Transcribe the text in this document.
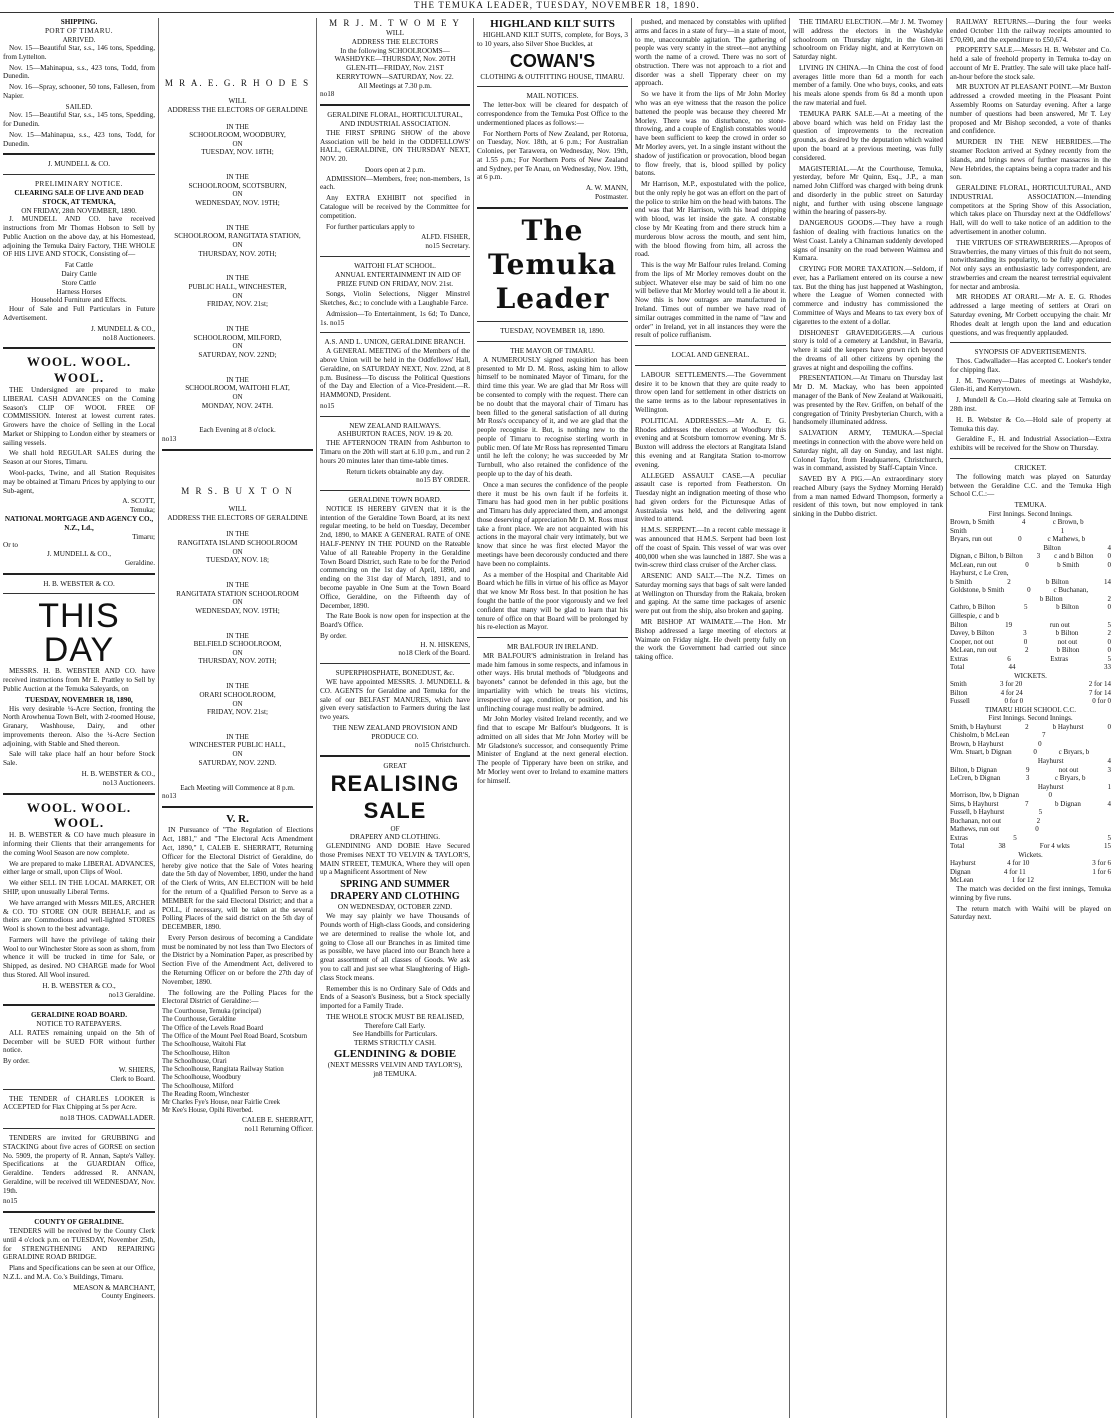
THE TEMUKA LEADER, TUESDAY, NOVEMBER 18, 1890.
SHIPPING.
PORT OF TIMARU.
ARRIVED.

Nov. 15—Beautiful Star, s.s., 146 tons, Spedding, from Lyttelton.

Nov. 15—Mahinapua, s.s., 423 tons, Todd, from Dunedin.

Nov. 16—Spray, schooner, 50 tons, Fallesen, from Napier.

SAILED.

Nov. 15—Beautiful Star, s.s., 145 tons, Spedding, for Dunedin.

Nov. 15—Mahinapua, s.s., 423 tons, Todd, for Dunedin.

J. MUNDELL & CO.
PRELIMINARY NOTICE.
CLEARING SALE OF LIVE AND DEAD STOCK, AT TEMUKA,
ON FRIDAY, 28th NOVEMBER, 1890.

J. MUNDELL AND CO. have received instructions from Mr Thomas Hobson to Sell by Public Auction on the above day, at his Homestead, adjoining the Temuka Dairy Factory, THE WHOLE OF HIS LIVE AND STOCK, Consisting of—

Fat Cattle
Dairy Cattle
Store Cattle
Harness Horses
Household Furniture and Effects.

Hour of Sale and Full Particulars in Future Advertisement.

J. MUNDELL & CO.,
no18 Auctioneers.
WOOL. WOOL. WOOL.

THE Undersigned are prepared to make LIBERAL CASH ADVANCES on the Coming Season's CLIP OF WOOL FREE OF COMMISSION. Interest at lowest current rates. Growers have the choice of Selling in the Local Market or Shipping to London either by steamers or sailing vessels.

We shall hold REGULAR SALES during the Season at our Stores, Timaru.

Wool-packs, Twine, and all Station Requisites may be obtained at Timaru Prices by applying to our Sub-agent,

A. SCOTT,
Temuka;
NATIONAL MORTGAGE AND AGENCY CO., N.Z., Ld.,
Timaru;
Or to
J. MUNDELL & CO.,
Geraldine.
H. B. WEBSTER & CO.
THIS DAY

MESSRS. H. B. WEBSTER AND CO. have received instructions from Mr E. Prattley to Sell by Public Auction at the Temuka Saleyards, on

TUESDAY, NOVEMBER 18, 1890,

His very desirable ¼-Acre Section, fronting the North Arowhenua Town Belt, with 2-roomed House, Granary, Washhouse, Dairy, and other improvements thereon. Also the ¼-Acre Section adjoining, with Stable and Shed thereon.

Sale will take place half an hour before Stock Sale.

H. B. WEBSTER & CO.,
no13 Auctioneers.
WOOL. WOOL. WOOL.

H. B. WEBSTER & CO have much pleasure in informing their Clients that their arrangements for the coming Wool Season are now complete.

We are prepared to make LIBERAL ADVANCES, either large or small, upon Clips of Wool.

We either SELL IN THE LOCAL MARKET, OR SHIP, upon unusually Liberal Terms.

We have arranged with Messrs MILES, ARCHER & CO. TO STORE ON OUR BEHALF, and as theirs are Commodious and well-lighted STORES Wool is shown to the best advantage.

Farmers will have the privilege of taking their Wool to our Winchester Store as soon as shorn, from whence it will be trucked in time for Sale, or Shipped, as desired. NO CHARGE made for Wool thus Stored. All Wool insured.

H. B. WEBSTER & CO.,
no13 Geraldine.
GERALDINE ROAD BOARD.
NOTICE TO RATEPAYERS.

ALL RATES remaining unpaid on the 5th of December will be SUED FOR without further notice.

By order.
W. SHIERS,
Clerk to Board.

THE TENDER of CHARLES LOOKER is ACCEPTED for Flax Chipping at 5s per Acre.

no18 THOS. CADWALLADER.

TENDERS are invited for GRUBBING and STACKING about five acres of GORSE on section No. 5909, the property of R. Annan, Sapte's Valley. Specifications at the GUARDIAN Office, Geraldine. Tenders addressed R. ANNAN, Geraldine, will be received till WEDNESDAY, Nov. 19th.

no15
COUNTY OF GERALDINE.

TENDERS will be received by the County Clerk until 4 o'clock p.m. on TUESDAY, November 25th, for STRENGTHENING AND REPAIRING GERALDINE ROAD BRIDGE.

Plans and Specifications can be seen at our Office, N.Z.L. and M.A. Co.'s Buildings, Timaru.

MEASON & MARCHANT,
County Engineers.
M R A. E. G. R H O D E S
WILL
ADDRESS THE ELECTORS OF GERALDINE
IN THE
SCHOOLROOM, WOODBURY,
ON
TUESDAY, NOV. 18TH;
IN THE
SCHOOLROOM, SCOTSBURN,
ON
WEDNESDAY, NOV. 19TH;
IN THE
SCHOOLROOM, RANGITATA STATION,
ON
THURSDAY, NOV. 20TH;
IN THE
PUBLIC HALL, WINCHESTER,
ON
FRIDAY, NOV. 21st;
IN THE
SCHOOLROOM, MILFORD,
ON
SATURDAY, NOV. 22ND;
IN THE
SCHOOLROOM, WAITOHI FLAT,
ON
MONDAY, NOV. 24TH.
Each Evening at 8 o'clock.
no13
M R S. B U X T O N
WILL
ADDRESS THE ELECTORS OF GERALDINE
IN THE
RANGITATA ISLAND SCHOOLROOM
ON
TUESDAY, NOV. 18;
IN THE
RANGITATA STATION SCHOOLROOM
ON
WEDNESDAY, NOV. 19TH;
IN THE
BELFIELD SCHOOLROOM,
ON
THURSDAY, NOV. 20TH;
IN THE
ORARI SCHOOLROOM,
ON
FRIDAY, NOV. 21st;
IN THE
WINCHESTER PUBLIC HALL,
ON
SATURDAY, NOV. 22ND.
Each Meeting will Commence at 8 p.m.
no13
V. R.

IN Pursuance of "The Regulation of Elections Act, 1881," and "The Electoral Acts Amendment Act, 1890," I, CALEB E. SHERRATT, Returning Officer for the Electoral District of Geraldine, do hereby give notice that the Sale of Votes hearing date the 5th day of November, 1890, under the hand of the Clerk of Writs, AN ELECTION will be held for the return of a Qualified Person to Serve as a MEMBER for the said Electoral District; and that a POLL, if necessary, will be taken at the several Polling Places of the said district on the 5th day of DECEMBER, 1890.

Every Person desirous of becoming a Candidate must be nominated by not less than Two Electors of the District by a Nomination Paper, as prescribed by Section Five of the Amendment Act, delivered to the Returning Officer on or before the 27th day of November, 1890.

The following are the Polling Places for the Electoral District of Geraldine:—

The Courthouse, Temuka (principal)
The Courthouse, Geraldine
The Office of the Levels Road Board
The Office of the Mount Peel Road Board, Scotsburn
The Schoolhouse, Waitohi Flat
The Schoolhouse, Hilton
The Schoolhouse, Orari
The Schoolhouse, Rangitata Railway Station
The Schoolhouse, Woodbury
The Schoolhouse, Milford
The Reading Room, Winchester
Mr Charles Fye's House, near Fairlie Creek
Mr Kee's House, Opihi Riverbed.
CALEB E. SHERRATT,
no11 Returning Officer.
M R J. M. T W O M E Y
WILL
ADDRESS THE ELECTORS
In the following SCHOOLROOMS—
WASHDYKE—THURSDAY, Nov. 20TH
GLEN-ITI—FRIDAY, Nov. 21ST
KERRYTOWN—SATURDAY, Nov. 22.
All Meetings at 7.30 p.m.
no18
GERALDINE FLORAL, HORTICULTURAL, AND INDUSTRIAL ASSOCIATION.

THE FIRST SPRING SHOW of the above Association will be held in the ODDFELLOWS' HALL, GERALDINE, ON THURSDAY NEXT, NOV. 20.

Doors open at 2 p.m.

ADMISSION—Members, free; non-members, 1s each.

Any EXTRA EXHIBIT not specified in Catalogue will be received by the Committee for competition.

For further particulars apply to

ALFD. FISHER,
no15 Secretary.
WAITOHI FLAT SCHOOL.

ANNUAL ENTERTAINMENT IN AID OF PRIZE FUND ON FRIDAY, NOV. 21st.

Songs, Violin Selections, Nigger Minstrel Sketches, &c.; to conclude with a Laughable Farce.

Admission—To Entertainment, 1s 6d; To Dance, 1s. no15

A.S. AND L. UNION, GERALDINE BRANCH.

A GENERAL MEETING of the Members of the above Union will be held in the Oddfellows' Hall, Geraldine, on SATURDAY NEXT, Nov. 22nd, at 8 p.m. Business—To discuss the Political Questions of the Day and Election of a Vice-President.—R. HAMMOND, President.

no15
NEW ZEALAND RAILWAYS.
ASHBURTON RACES, NOV. 19 & 20.

THE AFTERNOON TRAIN from Ashburton to Timaru on the 20th will start at 6.10 p.m., and run 2 hours 20 minutes later than time-table times.

Return tickets obtainable any day.
no15 BY ORDER.
GERALDINE TOWN BOARD.

NOTICE IS HEREBY GIVEN that it is the intention of the Geraldine Town Board, at its next regular meeting, to be held on Tuesday, December 2nd, 1890, to MAKE A GENERAL RATE of ONE HALF-PENNY IN THE POUND on the Rateable Value of all Rateable Property in the Geraldine Town Board District, such Rate to be for the Period commencing on the 1st day of April, 1890, and ending on the 31st day of March, 1891, and to become payable in One Sum at the Town Board Office, Geraldine, on the Fifteenth day of December, 1890.

The Rate Book is now open for inspection at the Board's Office.

By order.
H. N. HISKENS,
no18 Clerk of the Board.
SUPERPHOSPHATE, BONEDUST, &c.

WE have appointed MESSRS. J. MUNDELL & CO. AGENTS for Geraldine and Temuka for the sale of our BELFAST MANURES, which have given every satisfaction to Farmers during the last two years.

THE NEW ZEALAND PROVISION AND PRODUCE CO.
no15 Christchurch.
GREAT
REALISING SALE
OF
DRAPERY AND CLOTHING.

GLENDINING AND DOBIE Have Secured those Premises NEXT TO VELVIN & TAYLOR'S, MAIN STREET, TEMUKA, Where they will open up a Magnificent Assortment of New

SPRING AND SUMMER DRAPERY AND CLOTHING
ON WEDNESDAY, OCTOBER 22ND.

We may say plainly we have Thousands of Pounds worth of High-class Goods, and considering we are determined to realise the whole lot, and going to Close all our Branches in as limited time as possible, we have placed into our Branch here a great assortment of all classes of Goods. We ask you to call and just see what Slaughtering of High-class Stock means.

Remember this is no Ordinary Sale of Odds and Ends of a Season's Business, but a Stock specially imported for a Family Trade.

THE WHOLE STOCK MUST BE REALISED, Therefore Call Early.
See Handbills for Particulars.
TERMS STRICTLY CASH.
GLENDINING & DOBIE
(NEXT MESSRS VELVIN AND TAYLOR'S),
jn8 TEMUKA.
HIGHLAND KILT SUITS

HIGHLAND KILT SUITS, complete, for Boys, 3 to 10 years, also Silver Shoe Buckles, at

COWAN'S
CLOTHING & OUTFITTING HOUSE, TIMARU.
MAIL NOTICES.

The letter-box will be cleared for despatch of correspondence from the Temuka Post Office to the undermentioned places as follows:—

For Northern Ports of New Zealand, per Rotorua, on Tuesday, Nov. 18th, at 6 p.m.; For Australian Colonies, per Tarawera, on Wednesday, Nov. 19th, at 1.55 p.m.; For Northern Ports of New Zealand and Sydney, per Te Anau, on Wednesday, Nov. 19th, at 6 p.m.

A. W. MANN,
Postmaster.
The Temuka Leader
TUESDAY, NOVEMBER 18, 1890.
THE MAYOR OF TIMARU.

A NUMEROUSLY signed requisition has been presented to Mr D. M. Ross, asking him to allow himself to be nominated Mayor of Timaru, for the third time this year. We are glad that Mr Ross will be consented to comply with the request. There can be no doubt that the mayoral chair of Timaru has been filled to the general satisfaction of all during Mr Ross's occupancy of it, and we are glad that the people recognise it. But, is nothing new to the people of Timaru to recognise sterling worth in public men. Of late Mr Ross has represented Timaru until he left the colony; he was succeeded by Mr Turnbull, who also retained the confidence of the people up to the day of his death.

Once a man secures the confidence of the people there it must be his own fault if he forfeits it. Timaru has had good men in her public positions and Timaru has duly appreciated them, and amongst those deserving of appreciation Mr D. M. Ross must take a front place. We are not acquainted with his actions in the mayoral chair very intimately, but we know that since he was first elected Mayor the meetings have been decorously conducted and there have been no complaints.

As a member of the Hospital and Charitable Aid Board which he fills in virtue of his office as Mayor that we know Mr Ross best. In that position he has fought the battle of the poor vigorously and we feel confident that many will be glad to learn that his tenure of office on that Board will be prolonged by his re-election as Mayor.

MR BALFOUR IN IRELAND.

MR BALFOUR'S administration in Ireland has made him famous in some respects, and infamous in other ways. His brutal methods of "bludgeons and bayonets" cannot be defended in this age, but the impartiality with which he treats his victims, irrespective of age, condition, or position, and his unflinching courage must really be admired.

Mr John Morley visited Ireland recently, and we find that to escape Mr Balfour's bludgeons. It is admitted on all sides that Mr John Morley will be Mr Gladstone's successor, and consequently Prime Minister of England at the next general election. The people of Tipperary have been on strike, and Mr Morley went over to Ireland to examine matters for himself.

pushed, and menaced by constables with uplifted arms and faces in a state of fury—in a state of moot, to me, unaccountable agitation. The gathering of people was very scanty in the street—not anything worth the name of a crowd. There was no sort of obstruction. There was not approach to a riot and disorder was a shell Tipperary cheer on my approach.

So we have it from the lips of Mr John Morley who was an eye witness that the reason the police battened the people was because they cheered Mr Morley. There was no disturbance, no stone-throwing, and a couple of English constables would have been sufficient to keep the crowd in order so Mr Morley avers, yet. In a single instant without the shadow of justification or provocation, blood began to flow freely, that is, blood spilled by policy batons.

Mr Harrison, M.P., expostulated with the police, but the only reply he got was an effort on the part of the police to strike him on the head with batons. The end was that Mr Harrison, with his head dripping with blood, was let inside the gate. A constable close by Mr Keating from and there struck him a murderous blow across the mouth, and sent him, with the blood flowing from him, all across the road.

This is the way Mr Balfour rules Ireland. Coming from the lips of Mr Morley removes doubt on the subject. Whatever else may be said of him no one will believe that Mr Morley would tell a lie about it. Now this is how outrages are manufactured in Ireland. Times out of number we have read of similar outrages committed in the name of "law and order" in Ireland, yet in all instances they were the result of police ruffianism.

LOCAL AND GENERAL.

LABOUR SETTLEMENTS.—The Government desire it to be known that they are quite ready to throw open land for settlement in other districts on the same terms as to the labour representatives in Wellington.

POLITICAL ADDRESSES.—Mr A. E. G. Rhodes addresses the electors at Woodbury this evening and at Scotsburn tomorrow evening. Mr S. Buxton will address the electors at Rangitata Island this evening and at Rangitata Station to-morrow evening.

ALLEGED ASSAULT CASE.—A peculiar assault case is reported from Featherston. On Tuesday night an indignation meeting of those who had given orders for the Picturesque Atlas of Australasia was held, and the delivering agent invited to attend.

H.M.S. SERPENT.—In a recent cable message it was announced that H.M.S. Serpent had been lost off the coast of Spain. This vessel of war was over 400,000 when she was launched in 1887. She was a twin-screw third class cruiser of the Archer class.

ARSENIC AND SALT.—The N.Z. Times on Saturday morning says that bags of salt were landed at Wellington on Thursday from the Rakaia, broken and gaping. At the same time packages of arsenic were put out from the ship, also broken and gaping.

MR BISHOP AT WAIMATE.—The Hon. Mr Bishop addressed a large meeting of electors at Waimate on Friday night. He dwelt pretty fully on the work the Government had carried out since taking office.

THE TIMARU ELECTION.—Mr J. M. Twomey will address the electors in the Washdyke schoolroom on Thursday night, in the Glen-iti schoolroom on Friday night, and at Kerrytown on Saturday night.

LIVING IN CHINA.—In China the cost of food averages little more than 6d a month for each member of a family. One who buys, cooks, and eats his meals alone spends from 6s 8d a month upon the raw material and fuel.

TEMUKA PARK SALE.—At a meeting of the above board which was held on Friday last the question of improvements to the recreation grounds, as desired by the deputation which waited upon the board at a previous meeting, was fully considered.

MAGISTERIAL.—At the Courthouse, Temuka, yesterday, before Mr Quinn, Esq., J.P., a man named John Clifford was charged with being drunk and disorderly in the public street on Saturday night, and further with using obscene language within the hearing of passers-by.

DANGEROUS GOODS.—They have a rough fashion of dealing with fractious lunatics on the West Coast. Lately a Chinaman suddenly developed signs of insanity on the road between Waimea and Kumara.

CRYING FOR MORE TAXATION.—Seldom, if ever, has a Parliament entered on its course a new tax. But the thing has just happened at Washington, where the League of Women connected with commerce and industry has commissioned the Committee of Ways and Means to tax every box of cigarettes to the extent of a dollar.

DISHONEST GRAVEDIGGERS.—A curious story is told of a cemetery at Landshut, in Bavaria, where it said the keepers have grown rich beyond the dreams of all other citizens by opening the graves at night and despoiling the coffins.

PRESENTATION.—At Timaru on Thursday last Mr D. M. Mackay, who has been appointed manager of the Bank of New Zealand at Waikouaiti, was presented by the Rev. Griffen, on behalf of the congregation of Trinity Presbyterian Church, with a handsomely illuminated address.

SALVATION ARMY, TEMUKA.—Special meetings in connection with the above were held on Saturday night, all day on Sunday, and last night. Colonel Taylor, from Headquarters, Christchurch, was in command, assisted by Staff-Captain Vince.

SAVED BY A PIG.—An extraordinary story reached Albury (says the Sydney Morning Herald) from a man named Edward Thompson, formerly a resident of this town, but now employed in tank sinking in the Dubbo district.

RAILWAY RETURNS.—During the four weeks ended October 11th the railway receipts amounted to £70,690, and the expenditure to £50,674.

PROPERTY SALE.—Messrs H. B. Webster and Co. held a sale of freehold property in Temuka to-day on account of Mr E. Prattley. The sale will take place half-an-hour before the stock sale.

MR BUXTON AT PLEASANT POINT.—Mr Buxton addressed a crowded meeting in the Pleasant Point Assembly Rooms on Saturday evening. After a large number of questions had been answered, Mr T. Ley proposed and Mr Bishop seconded, a vote of thanks and confidence.

MURDER IN THE NEW HEBRIDES.—The steamer Rockton arrived at Sydney recently from the islands, and brings news of further massacres in the New Hebrides, the captains being a copra trader and his son.

GERALDINE FLORAL, HORTICULTURAL, AND INDUSTRIAL ASSOCIATION.—Intending competitors at the Spring Show of this Association, which takes place on Thursday next at the Oddfellows' Hall, will do well to take notice of an addition to the advertisement in another column.

THE VIRTUES OF STRAWBERRIES.—Apropos of Strawberries, the many virtues of this fruit do not seem, notwithstanding its popularity, to be fully appreciated. Not only says an enthusiastic lady correspondent, are strawberries and cream the nearest terrestrial equivalent for nectar and ambrosia.

MR RHODES AT ORARI.—Mr A. E. G. Rhodes addressed a large meeting of settlers at Orari on Saturday evening, Mr Corbett occupying the chair. Mr Rhodes dealt at length upon the land and education questions, and was frequently applauded.

SYNOPSIS OF ADVERTISEMENTS.

Thos. Cadwallader—Has accepted C. Looker's tender for chipping flax.

J. M. Twomey—Dates of meetings at Washdyke, Glen-iti, and Kerrytown.

J. Mundell & Co.—Hold clearing sale at Temuka on 28th inst.

H. B. Webster & Co.—Hold sale of property at Temuka this day.

Geraldine F., H. and Industrial Association—Extra exhibits will be received for the Show on Thursday.

CRICKET.

The following match was played on Saturday between the Geraldine C.C. and the Temuka High School C.C.:—

TEMUKA.
First Innings. Second Innings.
Brown, b Smith	4	c Brown, b
Smith	1
Bryars, run out	0	c Mathews, b
Bilton	4
Dignan, c Bilton, b Bilton 3 c and b Bilton 0
McLean, run out	0	b Smith	0
Hayhurst, c Le Cren,
b Smith	2	b Bilton	14
Goldstone, b Smith	0	c Buchanan,
b Bilton	2
Cathro, b Bilton	5	b Bilton	0
Gillespie, c and b
Bilton	19	run out	5
Davey, b Bilton	3	b Bilton	2
Cooper, not out	0	not out	0
McLean, run out	2	b Bilton	0
Extras	6	Extras	5
Total	44	33
WICKETS.
Smith	3 for 20	2 for 14
Bilton	4 for 24	7 for 14
Fussell	0 for 0	0 for 0
TIMARU HIGH SCHOOL C.C.
First Innings. Second Innings.
Smith, b Hayhurst	2	b Hayhurst	0
Chisholm, b McLean	7
Brown, b Hayhurst	0
Wm. Stuart, b Dignan	0	c Bryars, b
Hayhurst	4
Bilton, b Dignan	9	not out	3
LeCren, b Dignan	3	c Bryars, b
Hayhurst	1
Morrison, lbw, b Dignan	0
Sims, b Hayhurst	7	b Dignan	4
Fussell, b Hayhurst	5
Buchanan, not out	2
Mathews, run out	0
Extras	5	5
Total	38	For 4 wkts	15
Wickets.
Hayhurst	4 for 10	3 for 6
Dignan	4 for 11	1 for 6
McLean	1 for 12

The match was decided on the first innings, Temuka winning by five runs.

The return match with Waihi will be played on Saturday next.
